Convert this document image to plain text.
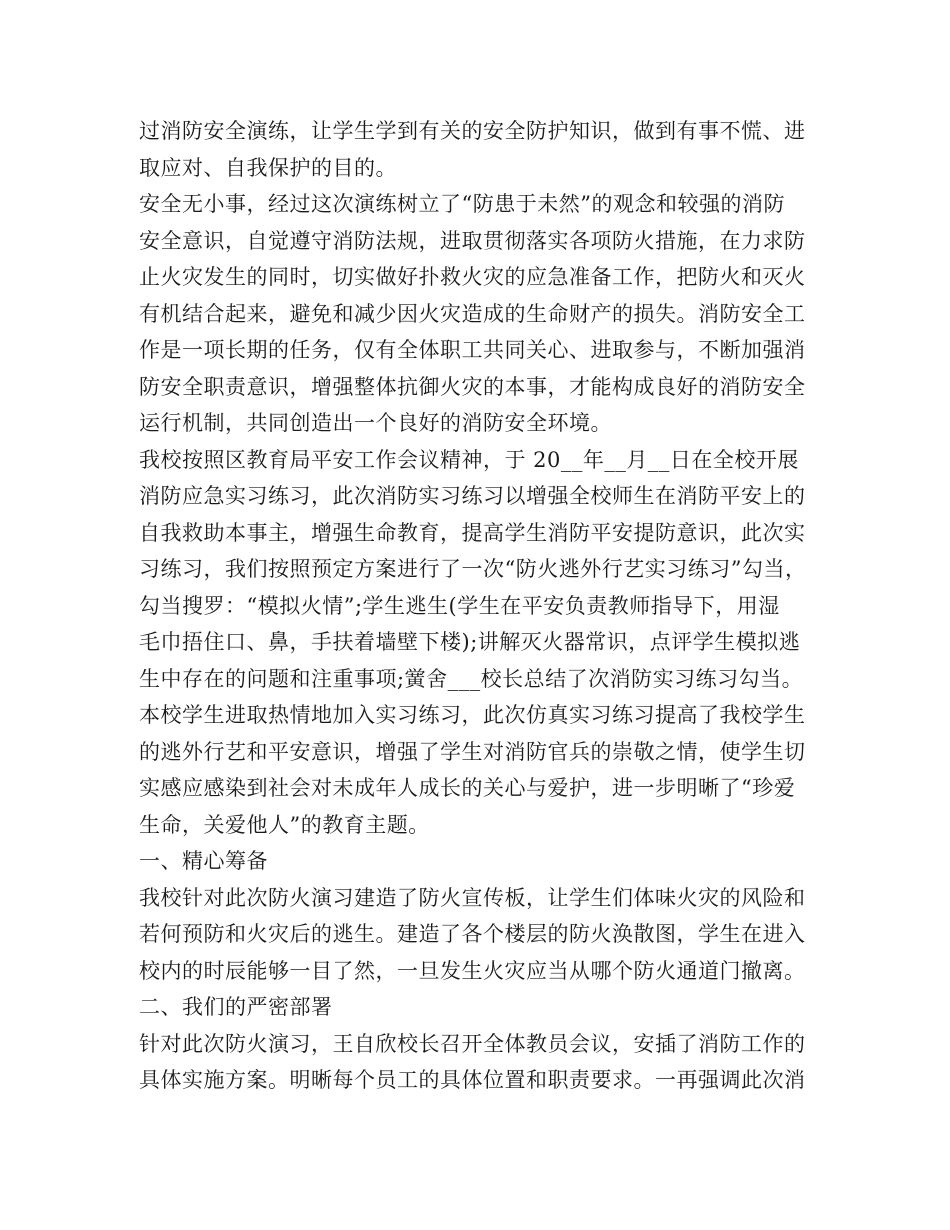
过消防安全演练，让学生学到有关的安全防护知识，做到有事不慌、进
取应对、自我保护的目的。
安全无小事，经过这次演练树立了“防患于未然”的观念和较强的消防
安全意识，自觉遵守消防法规，进取贯彻落实各项防火措施，在力求防
止火灾发生的同时，切实做好扑救火灾的应急准备工作，把防火和灭火
有机结合起来，避免和减少因火灾造成的生命财产的损失。消防安全工
作是一项长期的任务，仅有全体职工共同关心、进取参与，不断加强消
防安全职责意识，增强整体抗御火灾的本事，才能构成良好的消防安全
运行机制，共同创造出一个良好的消防安全环境。
我校按照区教育局平安工作会议精神，于 20__年__月__日在全校开展
消防应急实习练习，此次消防实习练习以增强全校师生在消防平安上的
自我救助本事主，增强生命教育，提高学生消防平安提防意识，此次实
习练习，我们按照预定方案进行了一次“防火逃外行艺实习练习”勾当，
勾当搜罗：“模拟火情”;学生逃生(学生在平安负责教师指导下，用湿
毛巾捂住口、鼻，手扶着墙壁下楼);讲解灭火器常识，点评学生模拟逃
生中存在的问题和注重事项;黉舍___校长总结了次消防实习练习勾当。
本校学生进取热情地加入实习练习，此次仿真实习练习提高了我校学生
的逃外行艺和平安意识，增强了学生对消防官兵的崇敬之情，使学生切
实感应感染到社会对未成年人成长的关心与爱护，进一步明晰了“珍爱
生命，关爱他人”的教育主题。
一、精心筹备
我校针对此次防火演习建造了防火宣传板，让学生们体味火灾的风险和
若何预防和火灾后的逃生。建造了各个楼层的防火涣散图，学生在进入
校内的时辰能够一目了然，一旦发生火灾应当从哪个防火通道门撤离。
二、我们的严密部署
针对此次防火演习，王自欣校长召开全体教员会议，安插了消防工作的
具体实施方案。明晰每个员工的具体位置和职责要求。一再强调此次消
